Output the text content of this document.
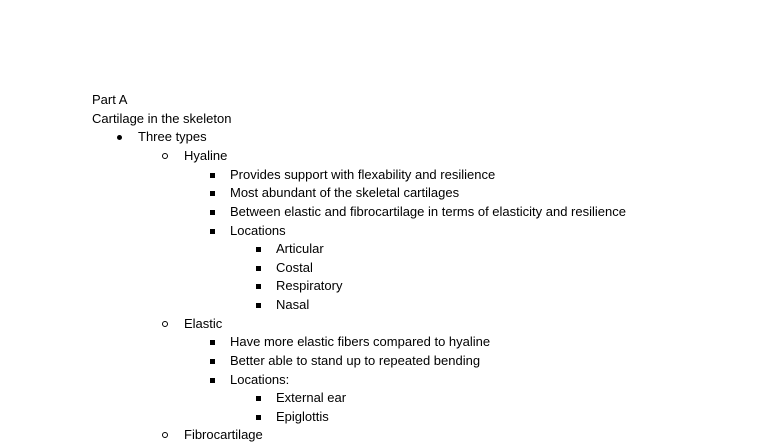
Part A
Cartilage in the skeleton
Three types
Hyaline
Provides support with flexability and resilience
Most abundant of the skeletal cartilages
Between elastic and fibrocartilage in terms of elasticity and resilience
Locations
Articular
Costal
Respiratory
Nasal
Elastic
Have more elastic fibers compared to hyaline
Better able to stand up to repeated bending
Locations:
External ear
Epiglottis
Fibrocartilage
